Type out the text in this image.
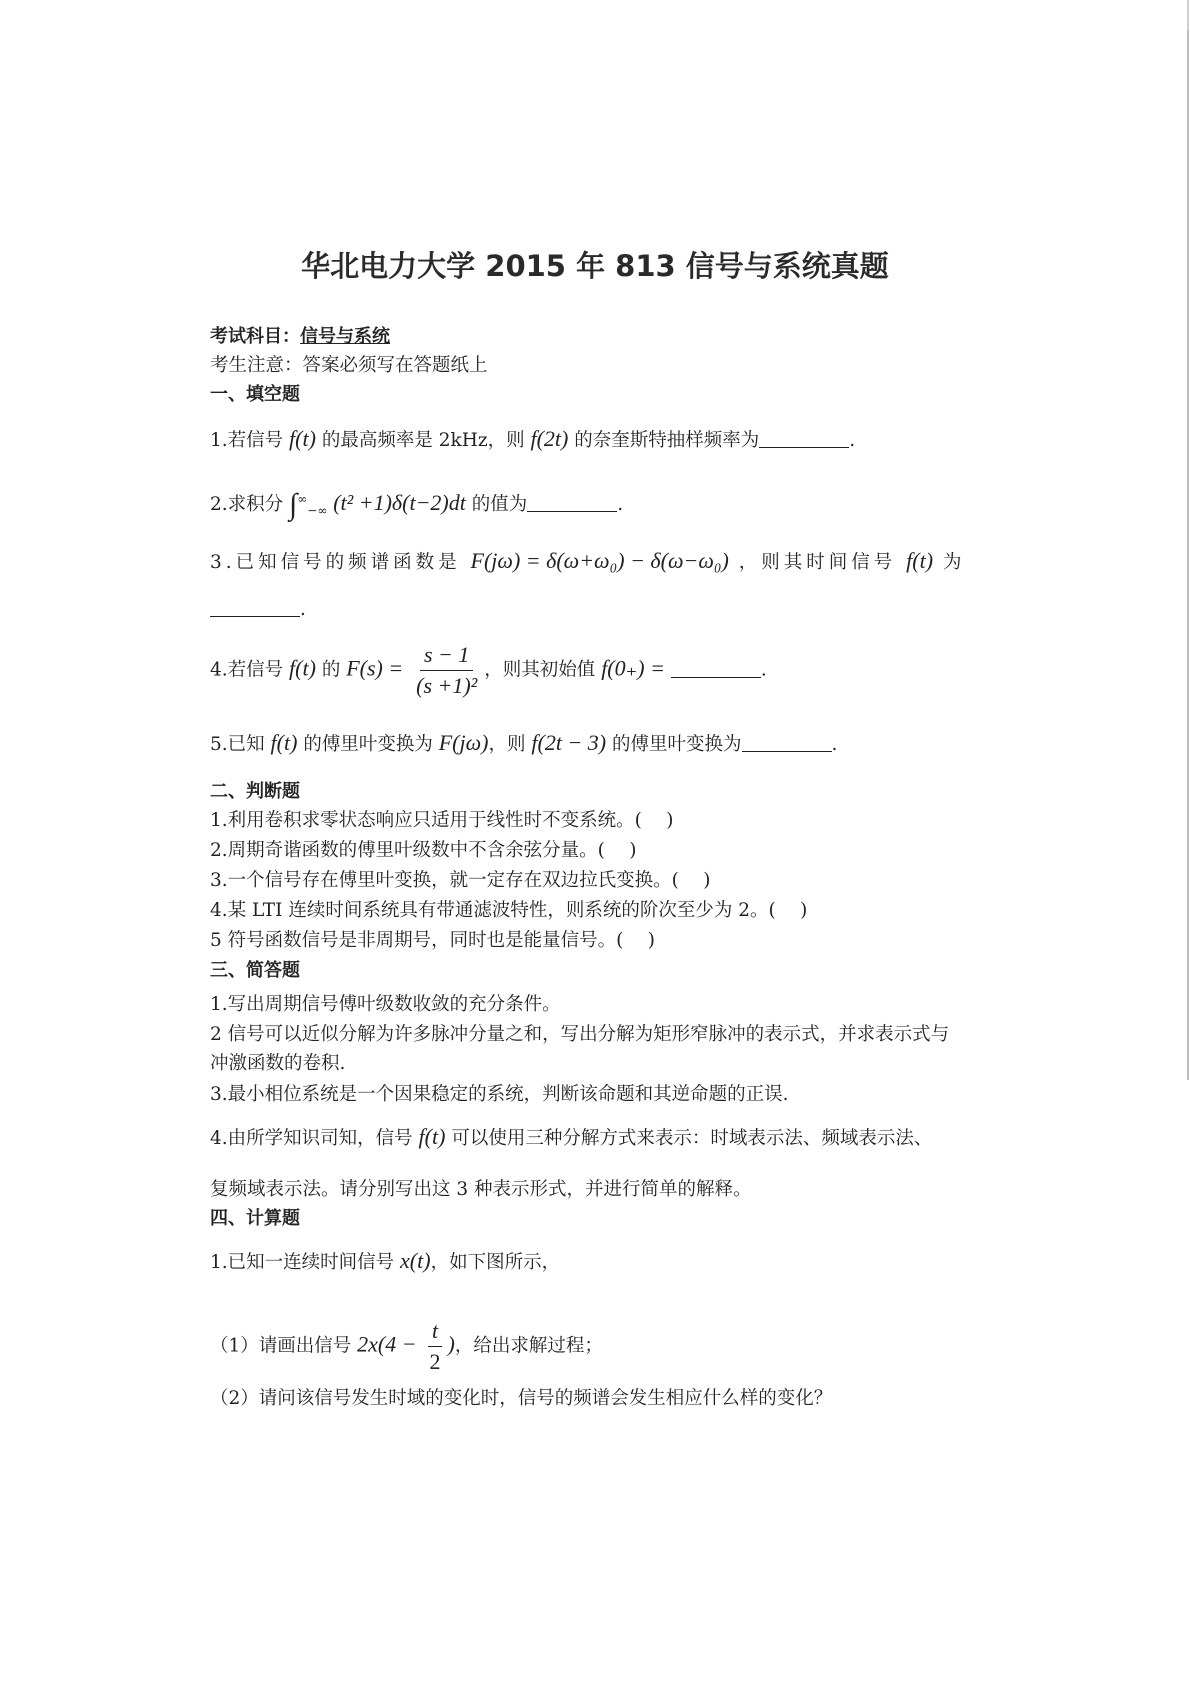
华北电力大学 2015 年 813 信号与系统真题
考试科目：信号与系统
考生注意：答案必须写在答题纸上
一、填空题
1.若信号 f(t) 的最高频率是 2kHz，则 f(2t) 的奈奎斯特抽样频率为	.
2.求积分 $\int^\infty_{-\infty}$ (t² +1)δ(t−2)dt 的值为	.
3.已知信号的频谱函数是 F(jω) = δ(ω+ω₀) − δ(ω−ω₀) ，则其时间信号 f(t) 为
.
4.若信号 f(t) 的 $F(s) = \frac{s - 1}{\text{(s +1)²}}$ ，则其初始值 f(0₊) =	.
5.已知 f(t) 的傅里叶变换为 F(jω)，则 f(2t − 3) 的傅里叶变换为	.
二、判断题
1.利用卷积求零状态响应只适用于线性时不变系统。(　 )
2.周期奇谐函数的傅里叶级数中不含余弦分量。(　 )
3.一个信号存在傅里叶变换，就一定存在双边拉氏变换。(　 )
4.某 LTI 连续时间系统具有带通滤波特性，则系统的阶次至少为 2。(　 )
5 符号函数信号是非周期号，同时也是能量信号。(　 )
三、简答题
1.写出周期信号傅叶级数收敛的充分条件。
2 信号可以近似分解为许多脉冲分量之和，写出分解为矩形窄脉冲的表示式，并求表示式与
冲激函数的卷积.
3.最小相位系统是一个因果稳定的系统，判断该命题和其逆命题的正误.
4.由所学知识司知，信号 f(t) 可以使用三种分解方式来表示：时域表示法、频域表示法、
复频域表示法。请分别写出这 3 种表示形式，并进行简单的解释。
四、计算题
1.已知一连续时间信号 x(t)，如下图所示，
（1）请画出信号 $2x(4 - \frac{t}{2}$ )，给出求解过程；
（2）请问该信号发生时域的变化时，信号的频谱会发生相应什么样的变化？
